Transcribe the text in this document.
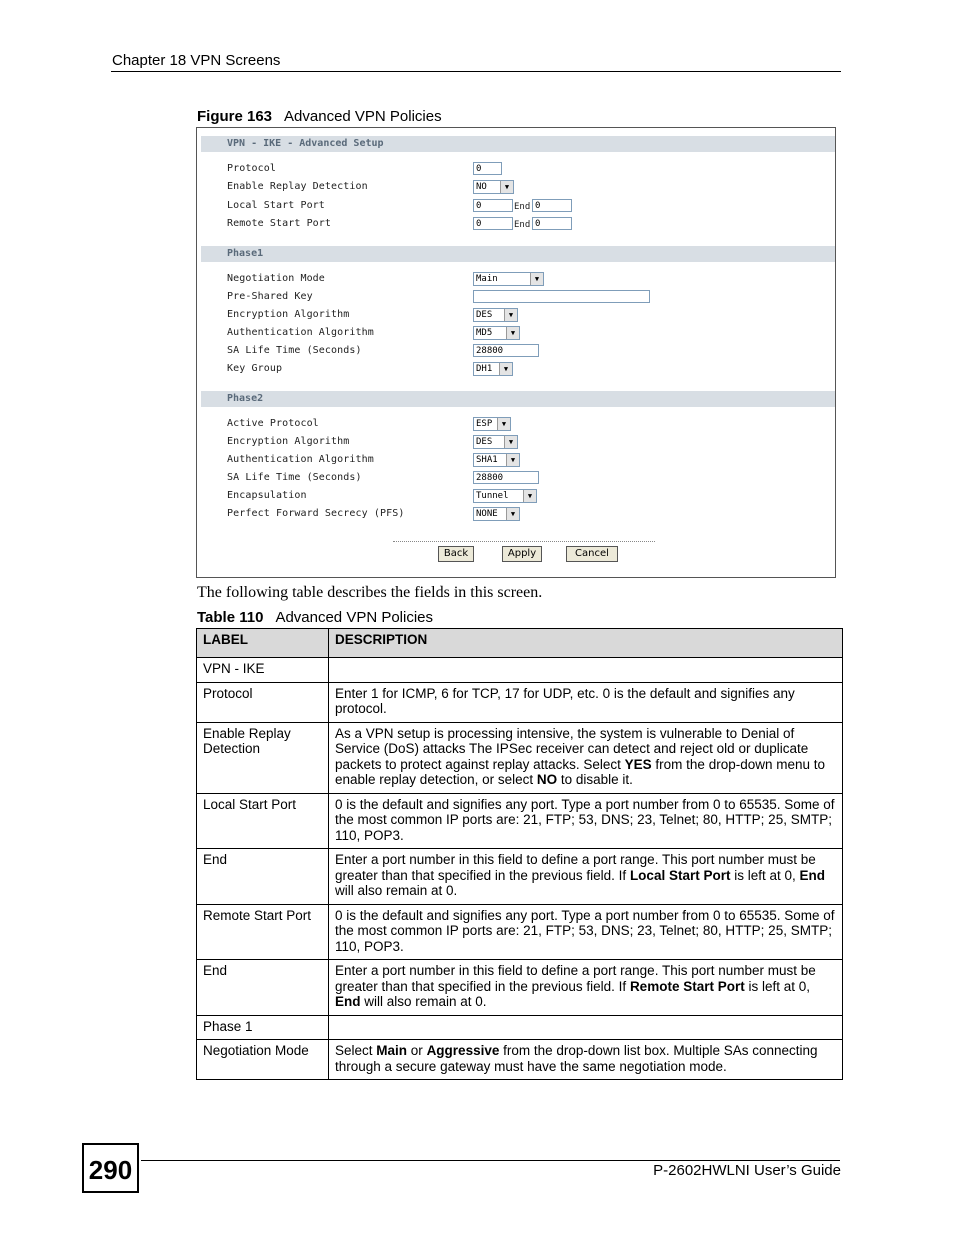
Chapter 18 VPN Screens
Figure 163 Advanced VPN Policies
VPN - IKE - Advanced Setup
Protocol	0
Enable Replay Detection	NO	▼
Local Start Port	0	End 0
Remote Start Port	0	End 0
Phase1
Negotiation Mode	Main	▼
Pre-Shared Key
Encryption Algorithm	DES	▼
Authentication Algorithm	MD5	▼
SA Life Time (Seconds)	28800
Key Group	DH1	▼
Phase2
Active Protocol	ESP	▼
Encryption Algorithm	DES	▼
Authentication Algorithm	SHA1	▼
SA Life Time (Seconds)	28800
Encapsulation	Tunnel	▼
Perfect Forward Secrecy (PFS)	NONE	▼
Back	Apply	Cancel
The following table describes the fields in this screen.
Table 110 Advanced VPN Policies
LABEL	DESCRIPTION
VPN - IKE	
Protocol	Enter 1 for ICMP, 6 for TCP, 17 for UDP, etc. 0 is the default and signifies any protocol.
Enable Replay Detection	As a VPN setup is processing intensive, the system is vulnerable to Denial of Service (DoS) attacks The IPSec receiver can detect and reject old or duplicate packets to protect against replay attacks. Select YES from the drop-down menu to enable replay detection, or select NO to disable it.
Local Start Port	0 is the default and signifies any port. Type a port number from 0 to 65535. Some of the most common IP ports are: 21, FTP; 53, DNS; 23, Telnet; 80, HTTP; 25, SMTP; 110, POP3.
End	Enter a port number in this field to define a port range. This port number must be greater than that specified in the previous field. If Local Start Port is left at 0, End will also remain at 0.
Remote Start Port	0 is the default and signifies any port. Type a port number from 0 to 65535. Some of the most common IP ports are: 21, FTP; 53, DNS; 23, Telnet; 80, HTTP; 25, SMTP; 110, POP3.
End	Enter a port number in this field to define a port range. This port number must be greater than that specified in the previous field. If Remote Start Port is left at 0, End will also remain at 0.
Phase 1	
Negotiation Mode	Select Main or Aggressive from the drop-down list box. Multiple SAs connecting through a secure gateway must have the same negotiation mode.
290	P-2602HWLNI User’s Guide
